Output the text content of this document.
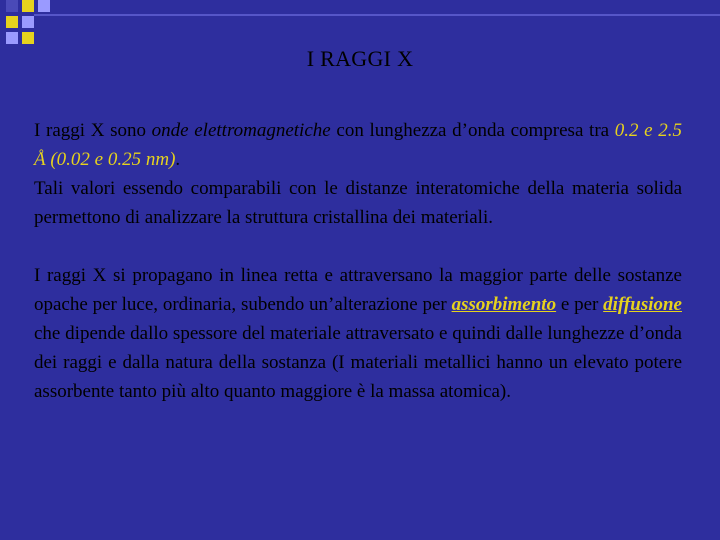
I RAGGI X

I raggi X sono onde elettromagnetiche con lunghezza d’onda compresa tra 0.2 e 2.5 Å (0.02 e 0.25 nm).

Tali valori essendo comparabili con le distanze interatomiche della materia solida permettono di analizzare la struttura cristallina dei materiali.

I raggi X si propagano in linea retta e attraversano la maggior parte delle sostanze opache per luce, ordinaria, subendo un’alterazione per assorbimento e per diffusione che dipende dallo spessore del materiale attraversato e quindi dalle lunghezze d’onda dei raggi e dalla natura della sostanza (I materiali metallici hanno un elevato potere assorbente tanto più alto quanto maggiore è la massa atomica).
